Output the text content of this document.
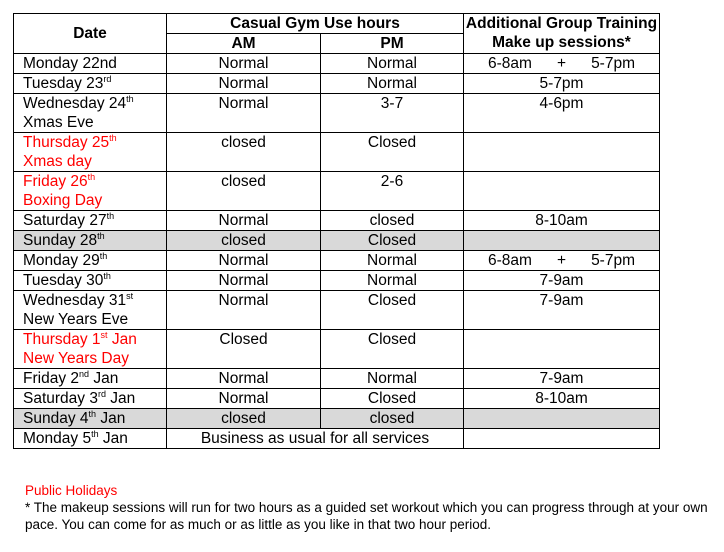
Date	Casual Gym Use hours		Additional Group Training Make up sessions*
	AM	PM	

Monday 22nd	Normal	Normal	6-8am + 5-7pm

Tuesday 23rd	Normal	Normal	5-7pm

Wednesday 24th
Xmas Eve	Normal	3-7	4-6pm

Thursday 25th
Xmas day	closed	Closed	

Friday 26th
Boxing Day	closed	2-6	

Saturday 27th	Normal	closed	8-10am

Sunday 28th	closed	Closed	

Monday 29th	Normal	Normal	6-8am + 5-7pm

Tuesday 30th	Normal	Normal	7-9am

Wednesday 31st
New Years Eve	Normal	Closed	7-9am

Thursday 1st Jan
New Years Day	Closed	Closed	

Friday 2nd Jan	Normal	Normal	7-9am

Saturday 3rd Jan	Normal	Closed	8-10am

Sunday 4th Jan	closed	closed	
Monday 5th Jan	Business as usual for all services		
Public Holidays
* The makeup sessions will run for two hours as a guided set workout which you can progress through at your own pace. You can come for as much or as little as you like in that two hour period.
